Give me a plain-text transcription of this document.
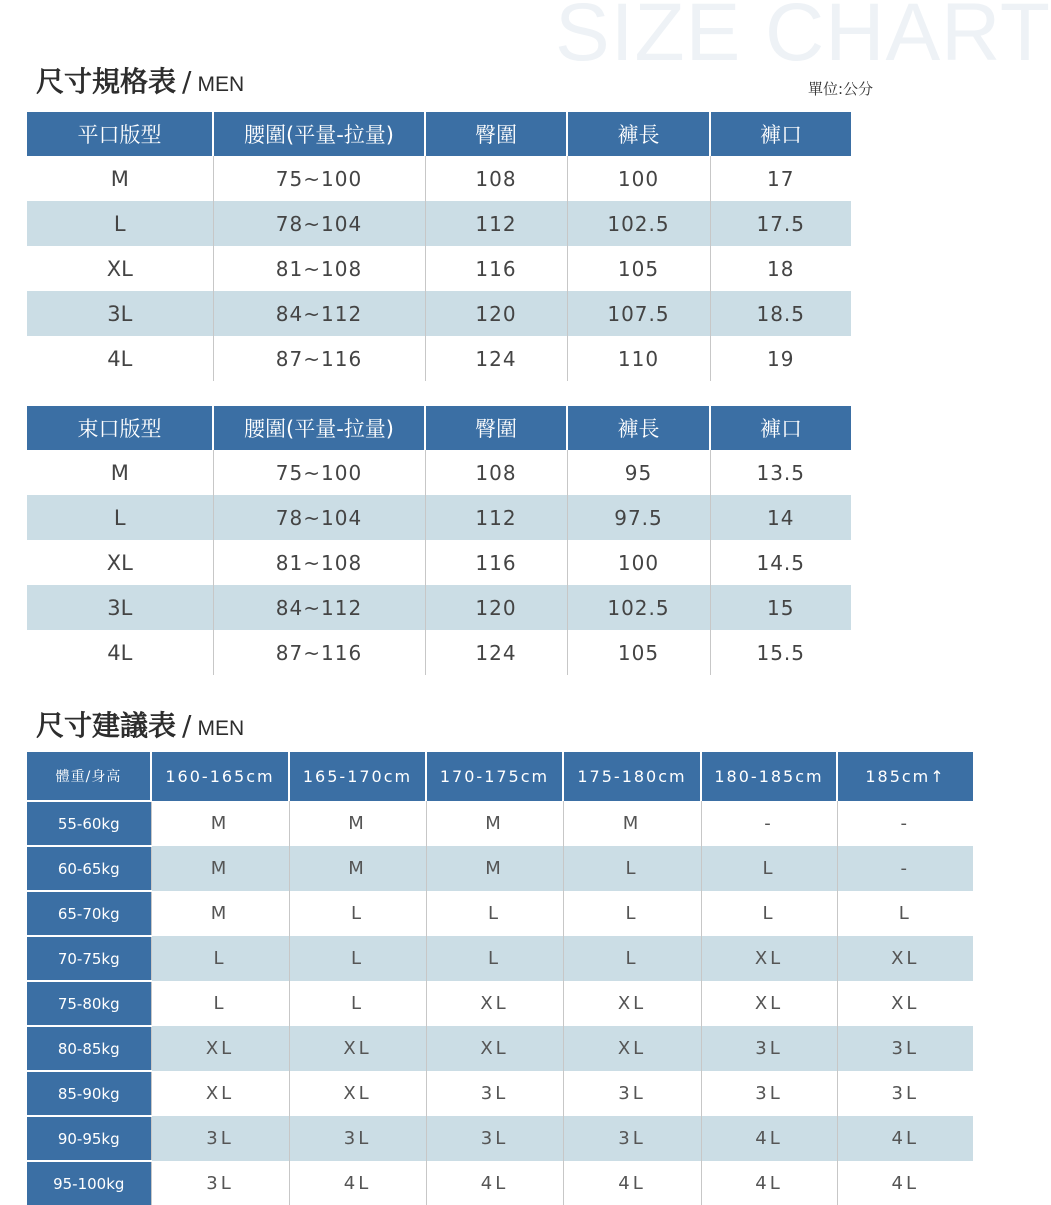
SIZE CHART
尺寸規格表 / MEN	單位:公分
平口版型	腰圍(平量-拉量)	臀圍	褲長	褲口
M	75~100	108	100	17
L	78~104	112	102.5	17.5
XL	81~108	116	105	18
3L	84~112	120	107.5	18.5
4L	87~116	124	110	19
束口版型	腰圍(平量-拉量)	臀圍	褲長	褲口
M	75~100	108	95	13.5
L	78~104	112	97.5	14
XL	81~108	116	100	14.5
3L	84~112	120	102.5	15
4L	87~116	124	105	15.5
尺寸建議表 / MEN
體重/身高	160-165cm	165-170cm	170-175cm	175-180cm	180-185cm	185cm↑
55-60kg	M	M	M	M	-	-
60-65kg	M	M	M	L	L	-
65-70kg	M	L	L	L	L	L
70-75kg	L	L	L	L	XL	XL
75-80kg	L	L	XL	XL	XL	XL
80-85kg	XL	XL	XL	XL	3L	3L
85-90kg	XL	XL	3L	3L	3L	3L
90-95kg	3L	3L	3L	3L	4L	4L
95-100kg	3L	4L	4L	4L	4L	4L
